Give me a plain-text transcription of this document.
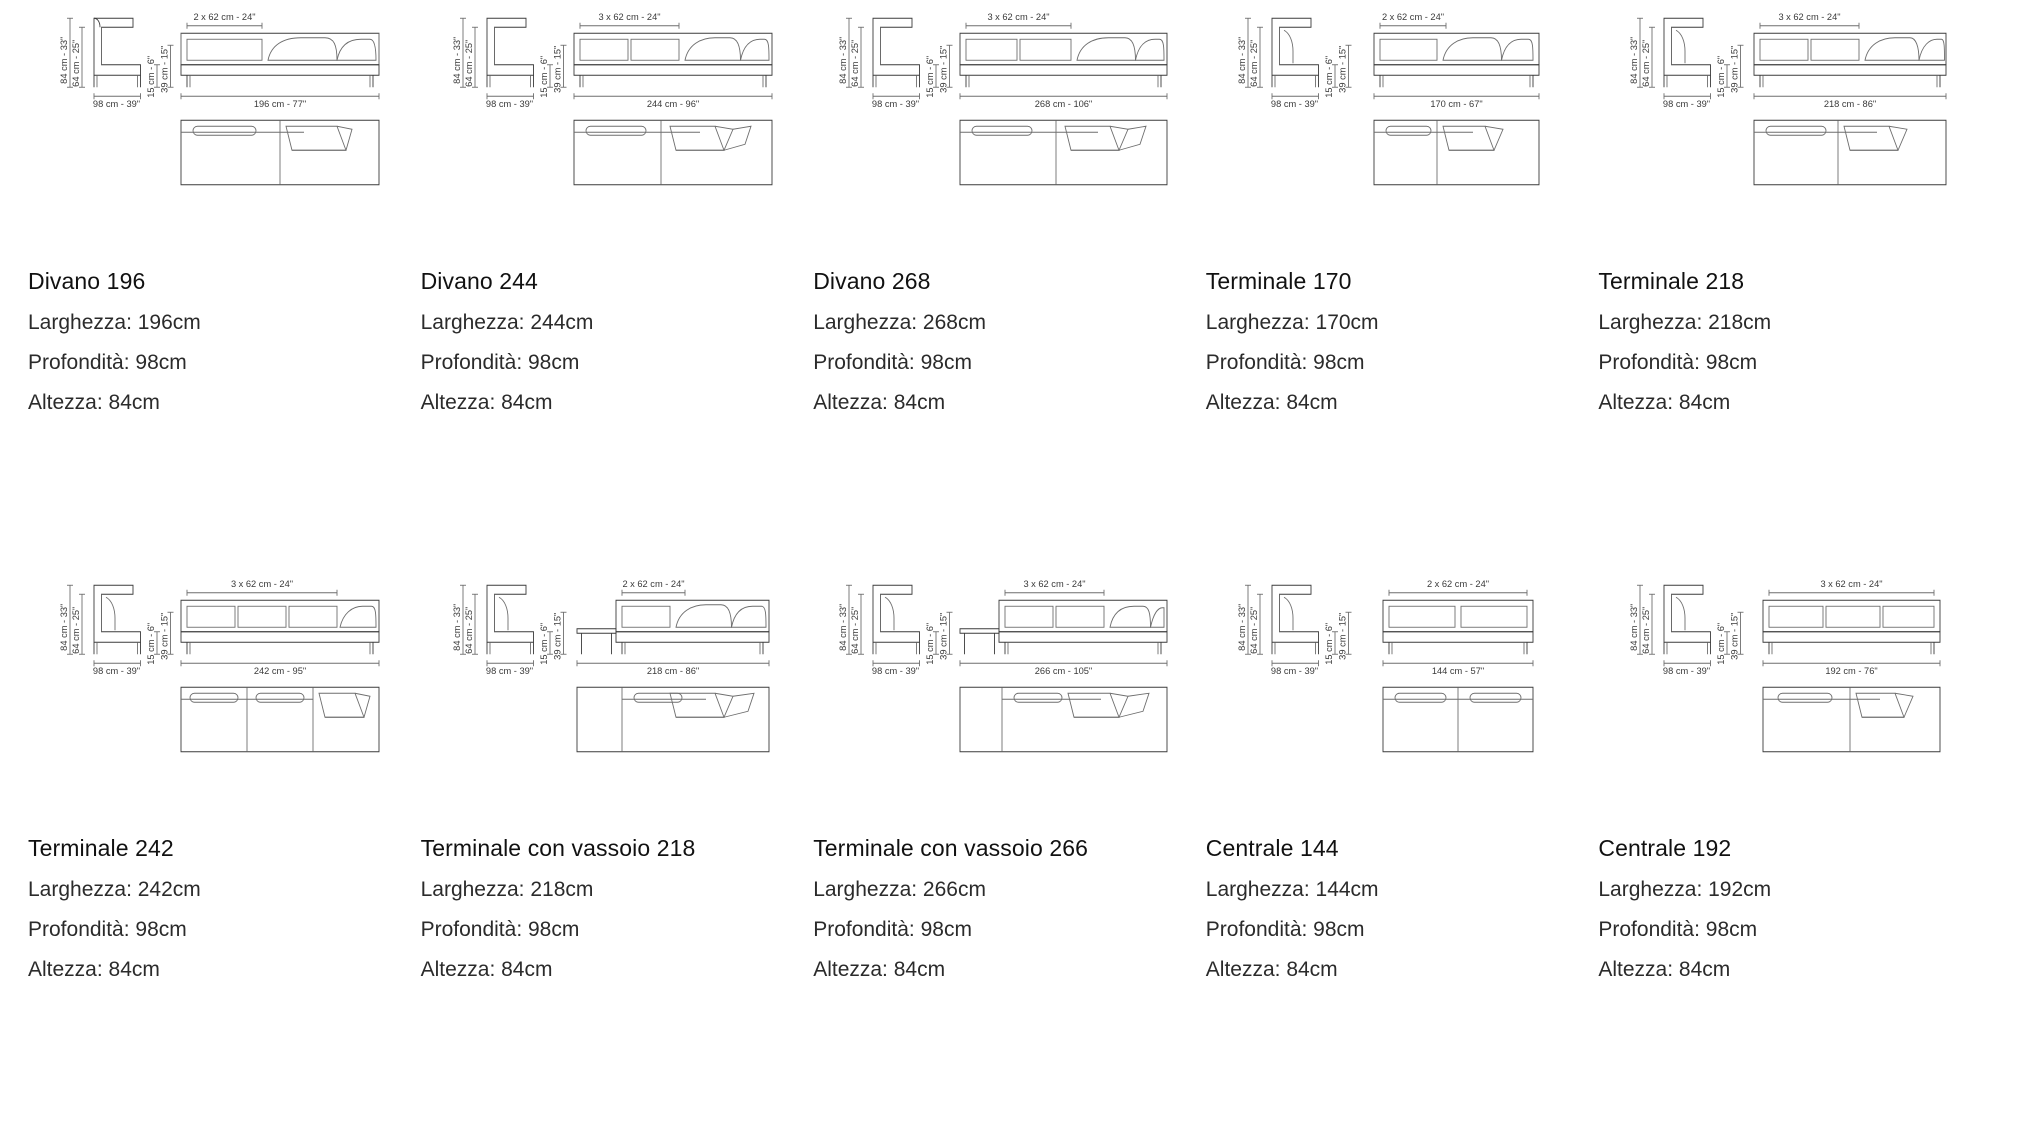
84 cm - 33" 64 cm - 25"
98 cm - 39"
15 cm - 6" 39 cm - 15"
2 x 62 cm - 24"
196 cm - 77"

Divano 196

Larghezza: 196cm

Profondità: 98cm

Altezza: 84cm

84 cm - 33" 64 cm - 25"
98 cm - 39"
15 cm - 6" 39 cm - 15"
3 x 62 cm - 24"
244 cm - 96"

Divano 244

Larghezza: 244cm

Profondità: 98cm

Altezza: 84cm

84 cm - 33" 64 cm - 25"
98 cm - 39"
15 cm - 6" 39 cm - 15"
3 x 62 cm - 24"
268 cm - 106"

Divano 268

Larghezza: 268cm

Profondità: 98cm

Altezza: 84cm

84 cm - 33" 64 cm - 25"
98 cm - 39"
15 cm - 6" 39 cm - 15"
2 x 62 cm - 24"
170 cm - 67"

Terminale 170

Larghezza: 170cm

Profondità: 98cm

Altezza: 84cm

84 cm - 33" 64 cm - 25"
98 cm - 39"
15 cm - 6" 39 cm - 15"
3 x 62 cm - 24"
218 cm - 86"

Terminale 218

Larghezza: 218cm

Profondità: 98cm

Altezza: 84cm

84 cm - 33" 64 cm - 25"
98 cm - 39"
15 cm - 6" 39 cm - 15"
3 x 62 cm - 24"
242 cm - 95"

Terminale 242

Larghezza: 242cm

Profondità: 98cm

Altezza: 84cm

84 cm - 33" 64 cm - 25"
98 cm - 39"
15 cm - 6" 39 cm - 15"
2 x 62 cm - 24"
218 cm - 86"

Terminale con vassoio 218

Larghezza: 218cm

Profondità: 98cm

Altezza: 84cm

84 cm - 33" 64 cm - 25"
98 cm - 39"
15 cm - 6" 39 cm - 15"
3 x 62 cm - 24"
266 cm - 105"

Terminale con vassoio 266

Larghezza: 266cm

Profondità: 98cm

Altezza: 84cm

84 cm - 33" 64 cm - 25"
98 cm - 39"
15 cm - 6" 39 cm - 15"
2 x 62 cm - 24"
144 cm - 57"

Centrale 144

Larghezza: 144cm

Profondità: 98cm

Altezza: 84cm

84 cm - 33" 64 cm - 25"
98 cm - 39"
15 cm - 6" 39 cm - 15"
3 x 62 cm - 24"
192 cm - 76"

Centrale 192

Larghezza: 192cm

Profondità: 98cm

Altezza: 84cm
